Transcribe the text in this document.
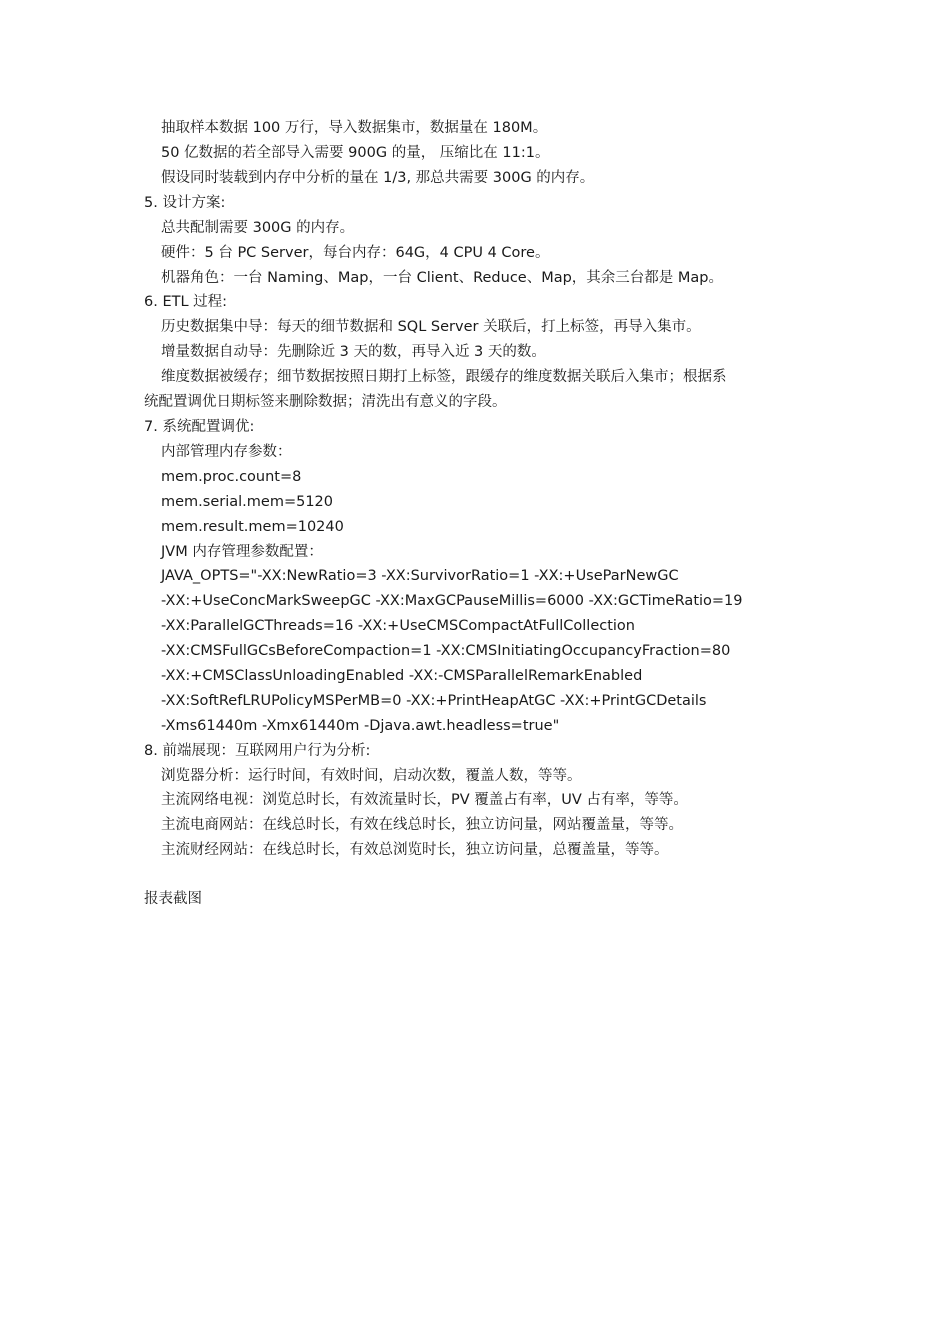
抽取样本数据 100 万行，导入数据集市，数据量在 180M。
50 亿数据的若全部导入需要 900G 的量， 压缩比在 11:1。
假设同时装载到内存中分析的量在 1/3, 那总共需要 300G 的内存。
5. 设计方案:
总共配制需要 300G 的内存。
硬件：5 台 PC Server，每台内存：64G，4 CPU 4 Core。
机器角色：一台 Naming、Map，一台 Client、Reduce、Map，其余三台都是 Map。
6. ETL 过程:
历史数据集中导：每天的细节数据和 SQL Server 关联后，打上标签，再导入集市。
增量数据自动导：先删除近 3 天的数，再导入近 3 天的数。
维度数据被缓存；细节数据按照日期打上标签，跟缓存的维度数据关联后入集市；根据系
统配置调优日期标签来删除数据；清洗出有意义的字段。
7. 系统配置调优:
内部管理内存参数：
mem.proc.count=8
mem.serial.mem=5120
mem.result.mem=10240
JVM 内存管理参数配置：
JAVA_OPTS="-XX:NewRatio=3 -XX:SurvivorRatio=1 -XX:+UseParNewGC
-XX:+UseConcMarkSweepGC -XX:MaxGCPauseMillis=6000 -XX:GCTimeRatio=19
-XX:ParallelGCThreads=16 -XX:+UseCMSCompactAtFullCollection
-XX:CMSFullGCsBeforeCompaction=1 -XX:CMSInitiatingOccupancyFraction=80
-XX:+CMSClassUnloadingEnabled -XX:-CMSParallelRemarkEnabled
-XX:SoftRefLRUPolicyMSPerMB=0 -XX:+PrintHeapAtGC -XX:+PrintGCDetails
-Xms61440m -Xmx61440m -Djava.awt.headless=true"
8. 前端展现：互联网用户行为分析:
浏览器分析：运行时间，有效时间，启动次数，覆盖人数，等等。
主流网络电视：浏览总时长，有效流量时长，PV 覆盖占有率，UV 占有率，等等。
主流电商网站：在线总时长，有效在线总时长，独立访问量，网站覆盖量，等等。
主流财经网站：在线总时长，有效总浏览时长，独立访问量，总覆盖量，等等。
报表截图
